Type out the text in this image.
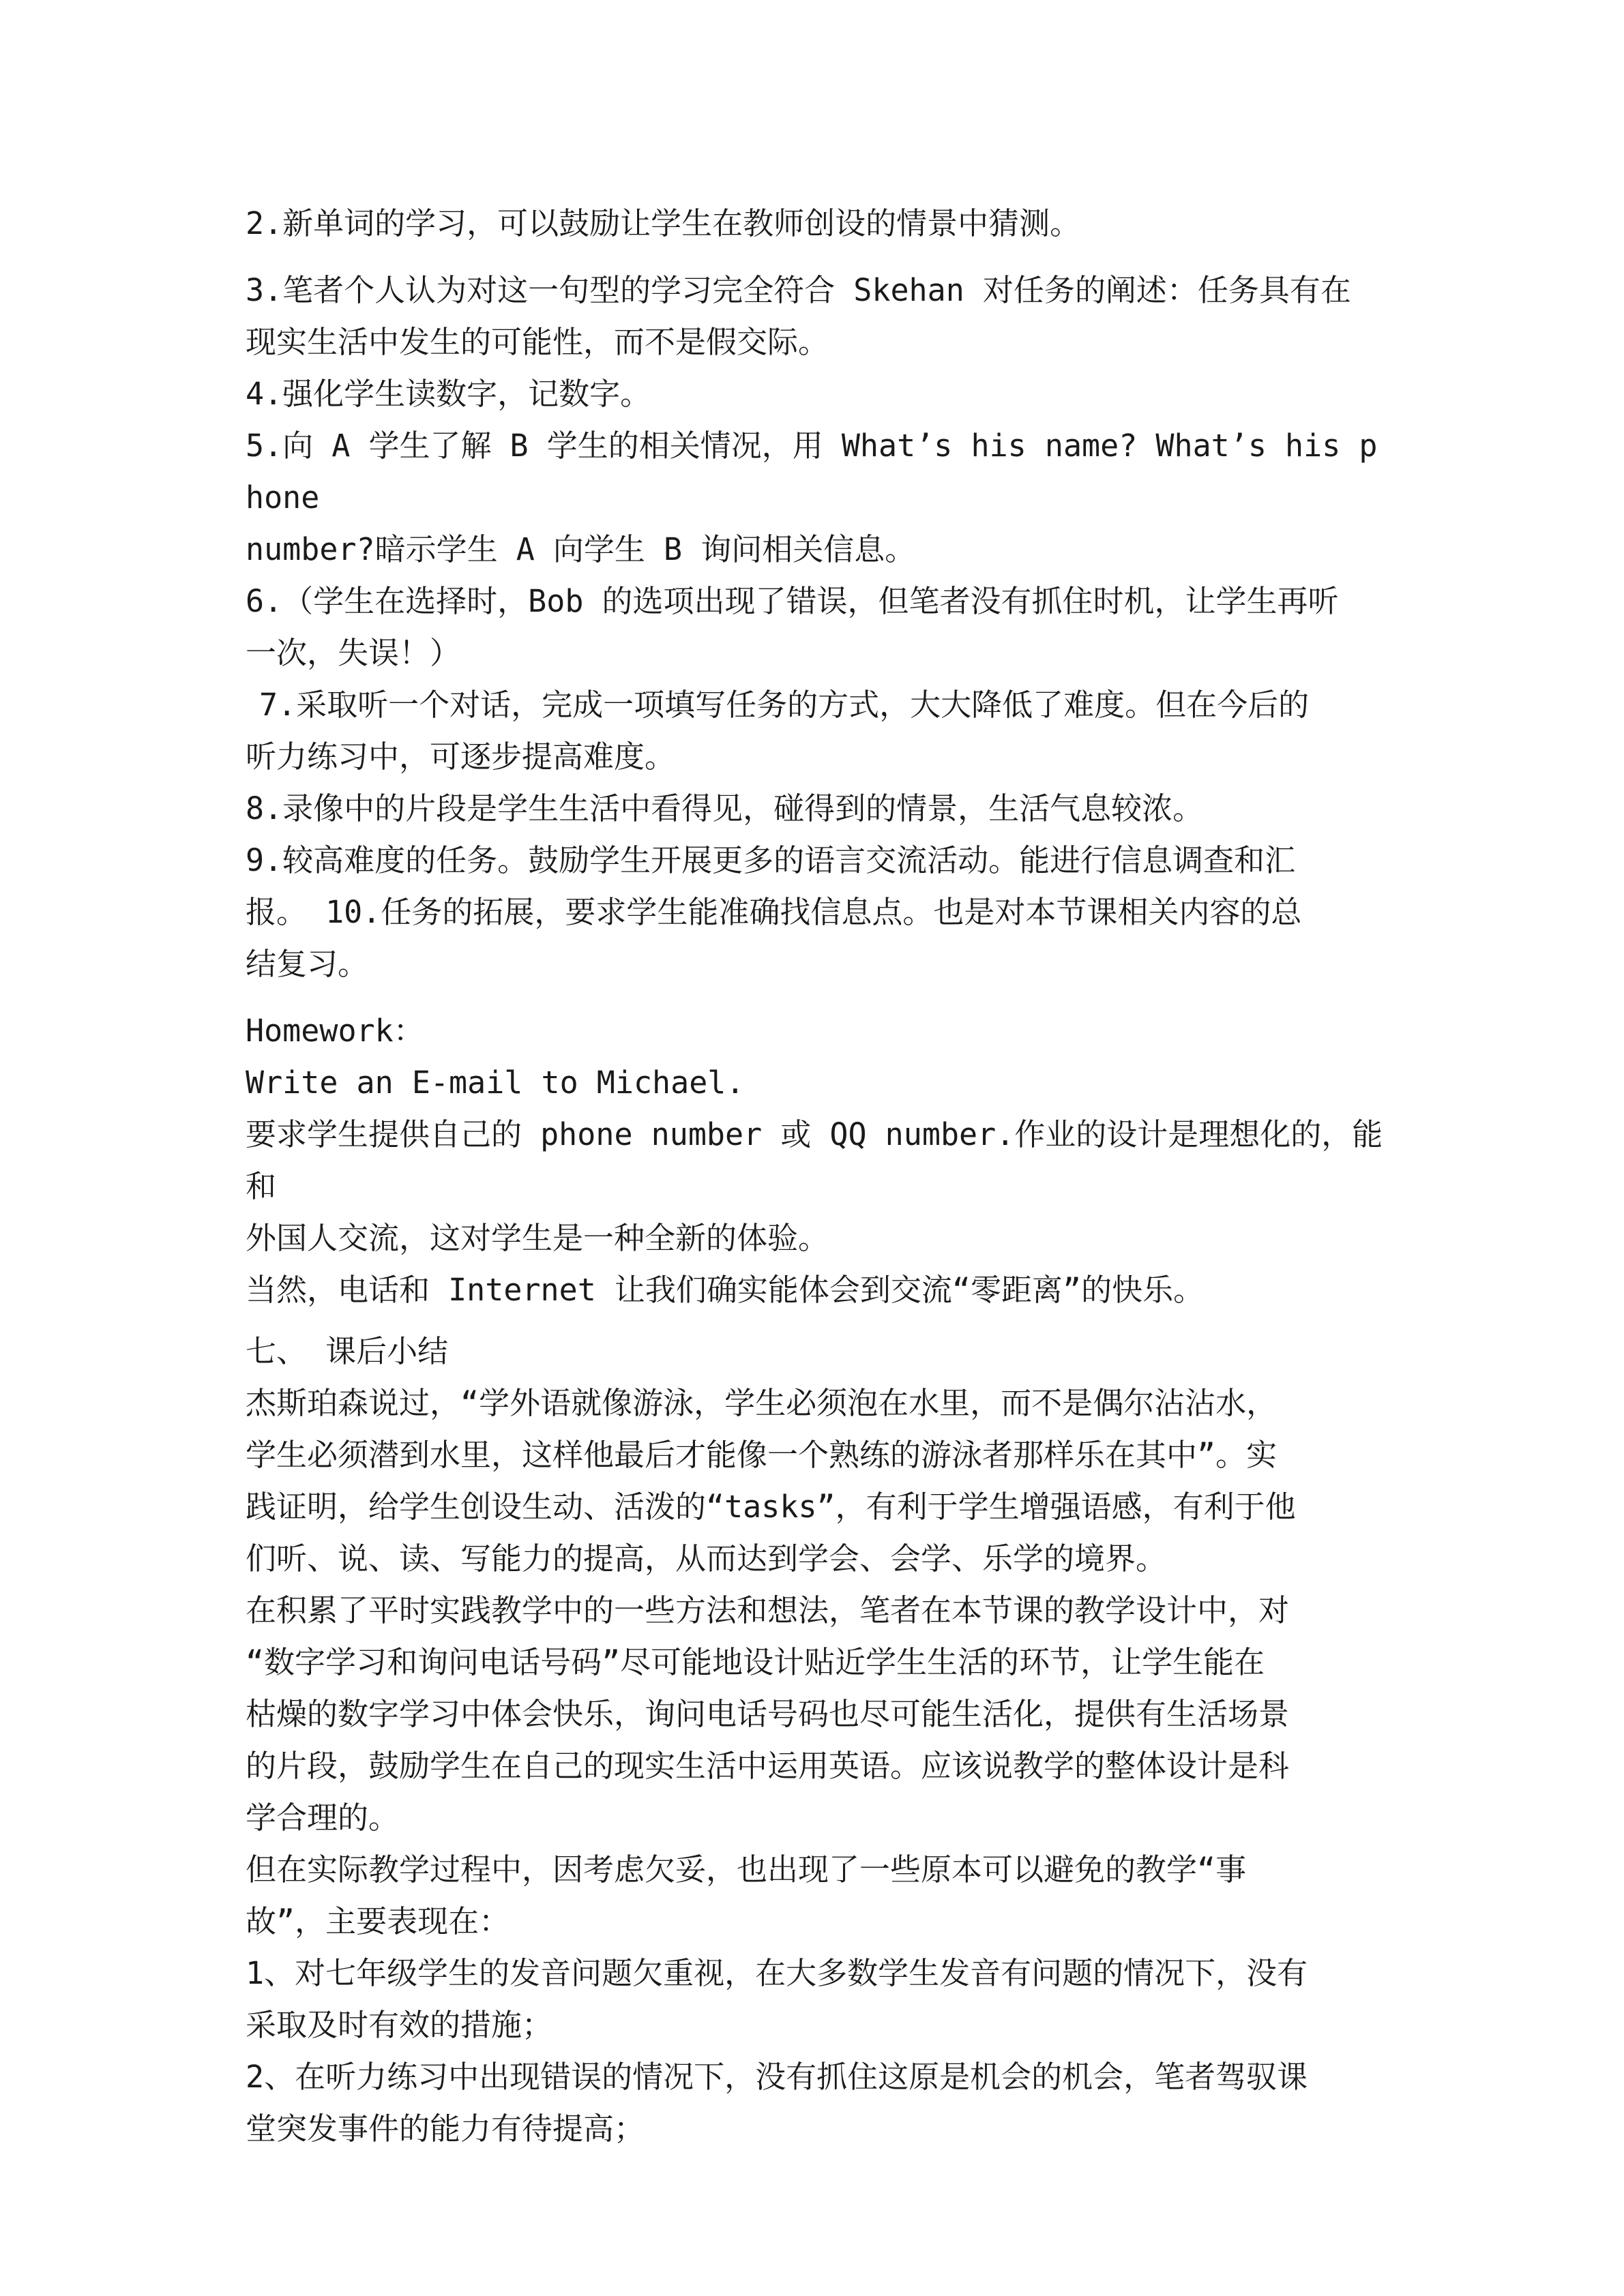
2.新单词的学习，可以鼓励让学生在教师创设的情景中猜测。

3.笔者个人认为对这一句型的学习完全符合 Skehan 对任务的阐述：任务具有在
现实生活中发生的可能性，而不是假交际。

4.强化学生读数字，记数字。

5.向 A 学生了解 B 学生的相关情况，用 What’s his name? What’s his phone
number?暗示学生 A 向学生 B 询问相关信息。

6.（学生在选择时，Bob 的选项出现了错误，但笔者没有抓住时机，让学生再听
一次，失误！）

7.采取听一个对话，完成一项填写任务的方式，大大降低了难度。但在今后的
听力练习中，可逐步提高难度。

8.录像中的片段是学生生活中看得见，碰得到的情景，生活气息较浓。

9.较高难度的任务。鼓励学生开展更多的语言交流活动。能进行信息调查和汇
报。 10.任务的拓展，要求学生能准确找信息点。也是对本节课相关内容的总
结复习。

Homework：

Write an E-mail to Michael.

要求学生提供自己的 phone number 或 QQ number.作业的设计是理想化的，能和
外国人交流，这对学生是一种全新的体验。

当然，电话和 Internet 让我们确实能体会到交流“零距离”的快乐。

七、 课后小结

杰斯珀森说过，“学外语就像游泳，学生必须泡在水里，而不是偶尔沾沾水，
学生必须潜到水里，这样他最后才能像一个熟练的游泳者那样乐在其中”。实
践证明，给学生创设生动、活泼的“tasks”，有利于学生增强语感，有利于他
们听、说、读、写能力的提高，从而达到学会、会学、乐学的境界。

在积累了平时实践教学中的一些方法和想法，笔者在本节课的教学设计中，对
“数字学习和询问电话号码”尽可能地设计贴近学生生活的环节，让学生能在
枯燥的数字学习中体会快乐，询问电话号码也尽可能生活化，提供有生活场景
的片段，鼓励学生在自己的现实生活中运用英语。应该说教学的整体设计是科
学合理的。

但在实际教学过程中，因考虑欠妥，也出现了一些原本可以避免的教学“事
故”，主要表现在：

1、对七年级学生的发音问题欠重视，在大多数学生发音有问题的情况下，没有
采取及时有效的措施；

2、在听力练习中出现错误的情况下，没有抓住这原是机会的机会，笔者驾驭课
堂突发事件的能力有待提高；
